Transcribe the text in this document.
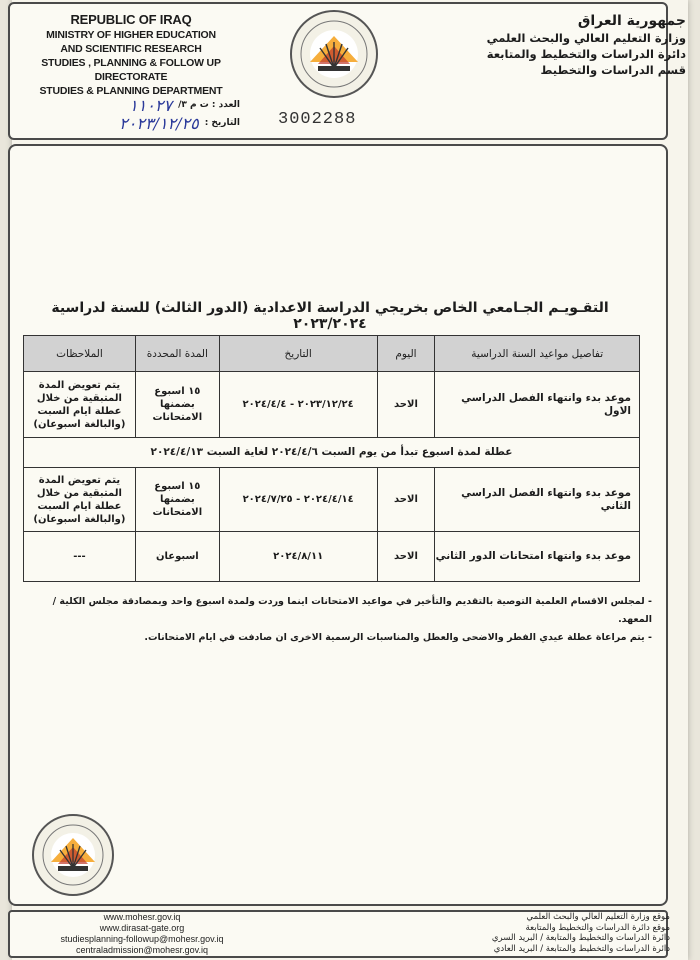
REPUBLIC OF IRAQ
MINISTRY OF HIGHER EDUCATION
AND SCIENTIFIC RESEARCH
STUDIES , PLANNING & FOLLOW UP DIRECTORATE
STUDIES & PLANNING DEPARTMENT
جمهورية العراق
وزارة التعليم العالي والبحث العلمي
دائرة الدراسات والتخطيط والمتابعة
قسم الدراسات والتخطيط
العدد : ت م ٣/
١١٠٢٧
التاريخ :
٢٠٢٣/١٢/٢٥	3002288
التقـويـم الجـامعي الخاص بخريجي الدراسة الاعدادية (الدور الثالث) للسنة لدراسية ٢٠٢٣/٢٠٢٤
تفاصيل مواعيد السنة الدراسية	اليوم	التاريخ	المدة المحددة	الملاحظات
موعد بدء وانتهاء الفصل الدراسي الاول	الاحد	٢٠٢٣/١٢/٢٤ - ٢٠٢٤/٤/٤	١٥ اسبوع بضمنها الامتحانات	يتم تعويض المدة المتبقية من خلال عطلة ايام السبت (والبالغة اسبوعان)
عطلة لمدة اسبوع تبدأ من يوم السبت ٢٠٢٤/٤/٦ لغاية السبت ٢٠٢٤/٤/١٣				
موعد بدء وانتهاء الفصل الدراسي الثاني	الاحد	٢٠٢٤/٤/١٤ - ٢٠٢٤/٧/٢٥	١٥ اسبوع بضمنها الامتحانات	يتم تعويض المدة المتبقية من خلال عطلة ايام السبت (والبالغة اسبوعان)
موعد بدء وانتهاء امتحانات الدور الثاني	الاحد	٢٠٢٤/٨/١١	اسبوعان	---
- لمجلس الاقسام العلمية التوصية بالتقديم والتأخير في مواعيد الامتحانات اينما وردت ولمدة اسبوع واحد وبمصادقة مجلس الكلية / المعهد.
- يتم مراعاة عطلة عيدي الفطر والاضحى والعطل والمناسبات الرسمية الاخرى ان صادفت في ايام الامتحانات.
www.mohesr.gov.iq
www.dirasat-gate.org
studiesplanning-followup@mohesr.gov.iq
centraladmission@mohesr.gov.iq
موقع وزارة التعليم العالي والبحث العلمي
موقع دائرة الدراسات والتخطيط والمتابعة
دائرة الدراسات والتخطيط والمتابعة / البريد السري
دائرة الدراسات والتخطيط والمتابعة / البريد العادي
